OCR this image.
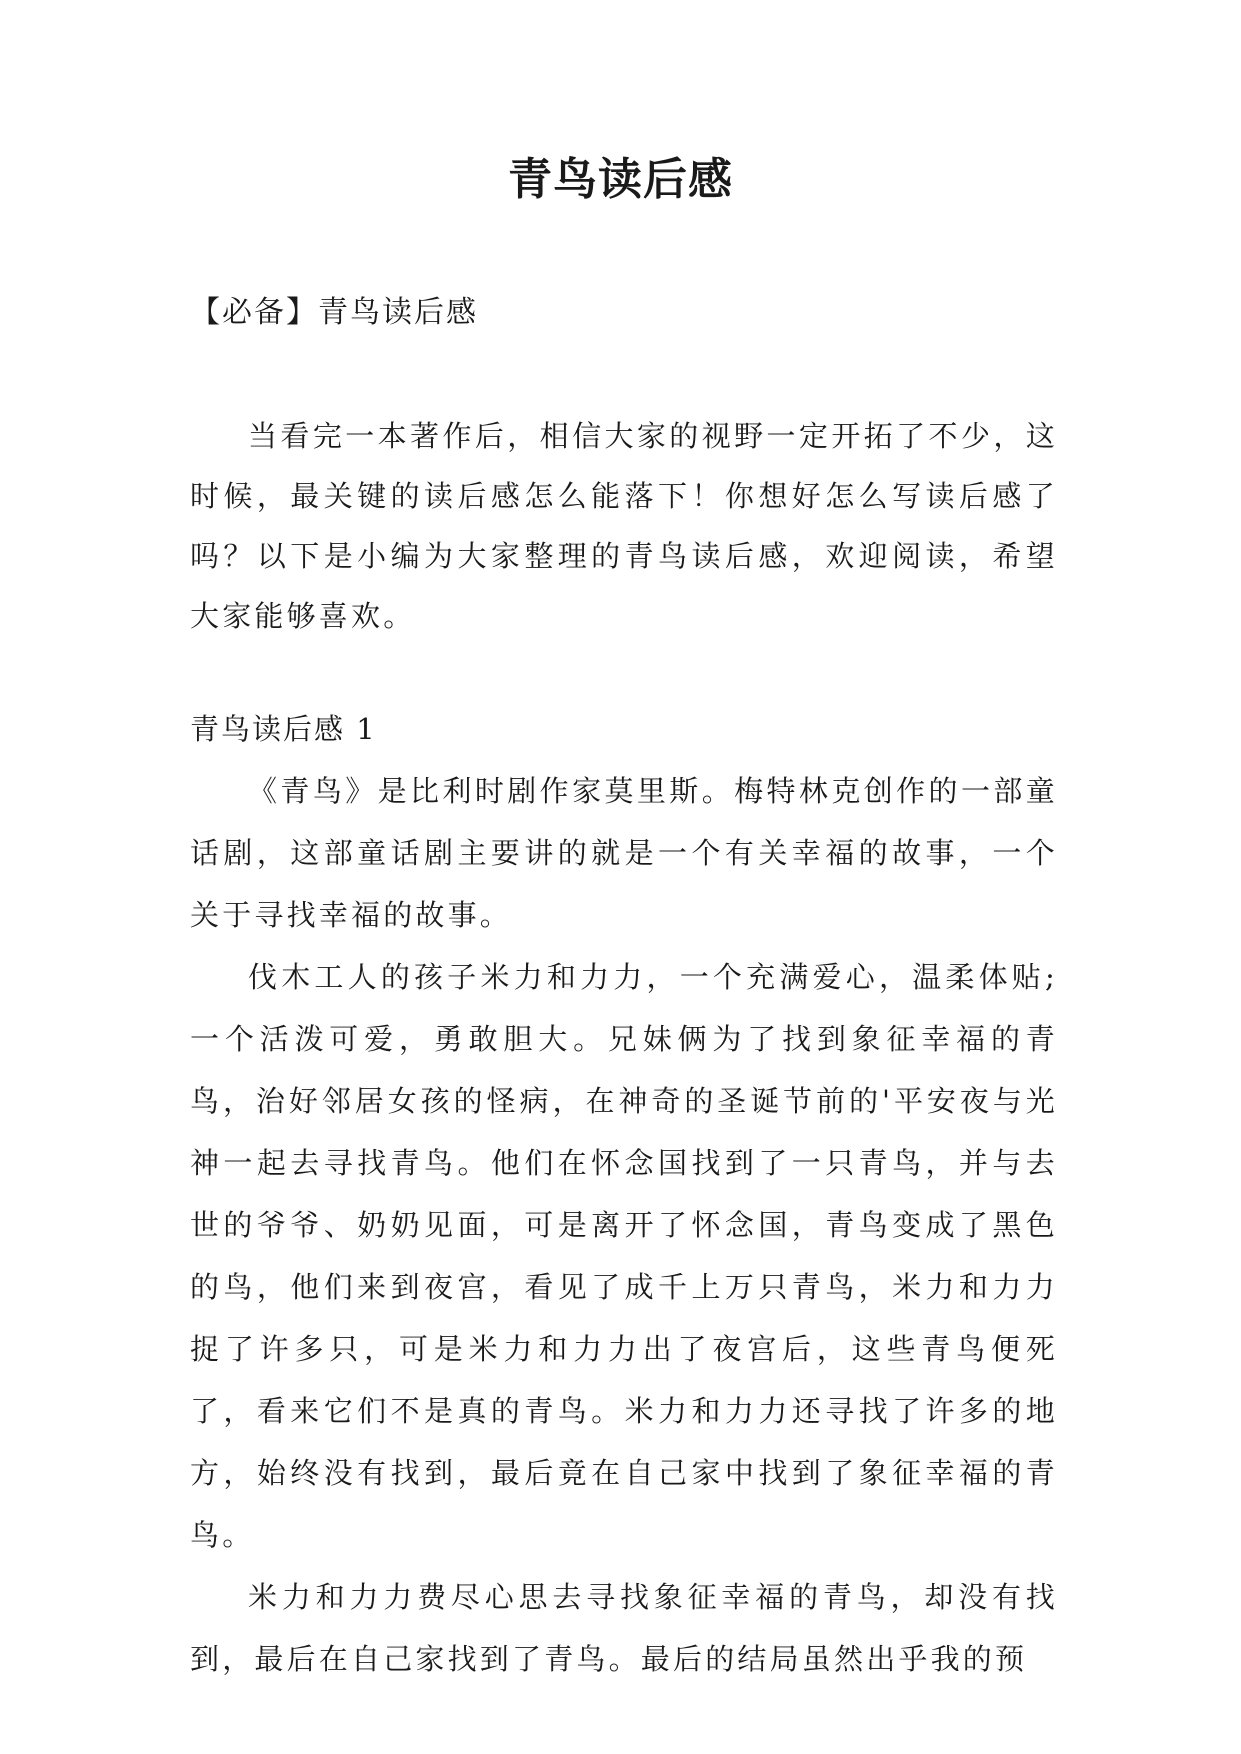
青鸟读后感
【必备】青鸟读后感

当看完一本著作后，相信大家的视野一定开拓了不少，这时候，最关键的读后感怎么能落下！你想好怎么写读后感了吗？以下是小编为大家整理的青鸟读后感，欢迎阅读，希望大家能够喜欢。

青鸟读后感 1

《青鸟》是比利时剧作家莫里斯。梅特林克创作的一部童话剧，这部童话剧主要讲的就是一个有关幸福的故事，一个关于寻找幸福的故事。

伐木工人的孩子米力和力力，一个充满爱心，温柔体贴;一个活泼可爱，勇敢胆大。兄妹俩为了找到象征幸福的青鸟，治好邻居女孩的怪病，在神奇的圣诞节前的'平安夜与光神一起去寻找青鸟。他们在怀念国找到了一只青鸟，并与去世的爷爷、奶奶见面，可是离开了怀念国，青鸟变成了黑色的鸟，他们来到夜宫，看见了成千上万只青鸟，米力和力力捉了许多只，可是米力和力力出了夜宫后，这些青鸟便死了，看来它们不是真的青鸟。米力和力力还寻找了许多的地方，始终没有找到，最后竟在自己家中找到了象征幸福的青鸟。

米力和力力费尽心思去寻找象征幸福的青鸟，却没有找到，最后在自己家找到了青鸟。最后的结局虽然出乎我的预
